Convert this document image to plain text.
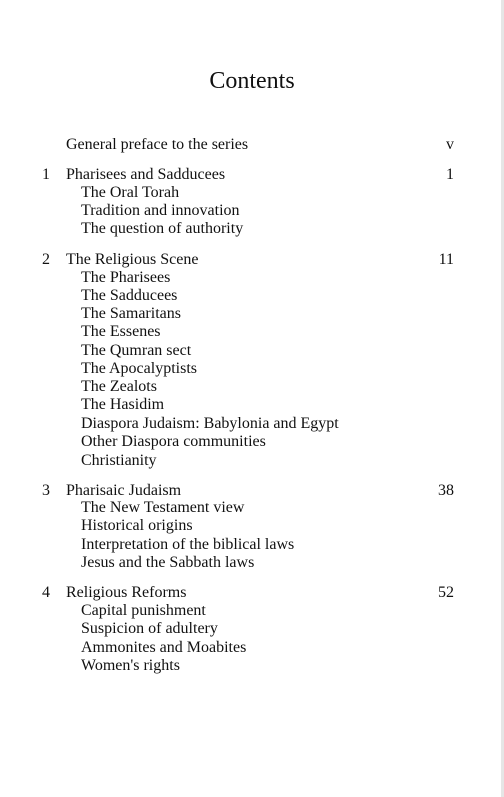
Contents
General preface to the series	v
1 Pharisees and Sadducees	1
The Oral Torah
Tradition and innovation
The question of authority
2 The Religious Scene	11
The Pharisees
The Sadducees
The Samaritans
The Essenes
The Qumran sect
The Apocalyptists
The Zealots
The Hasidim
Diaspora Judaism: Babylonia and Egypt
Other Diaspora communities
Christianity
3 Pharisaic Judaism	38
The New Testament view
Historical origins
Interpretation of the biblical laws
Jesus and the Sabbath laws
4 Religious Reforms	52
Capital punishment
Suspicion of adultery
Ammonites and Moabites
Women's rights
